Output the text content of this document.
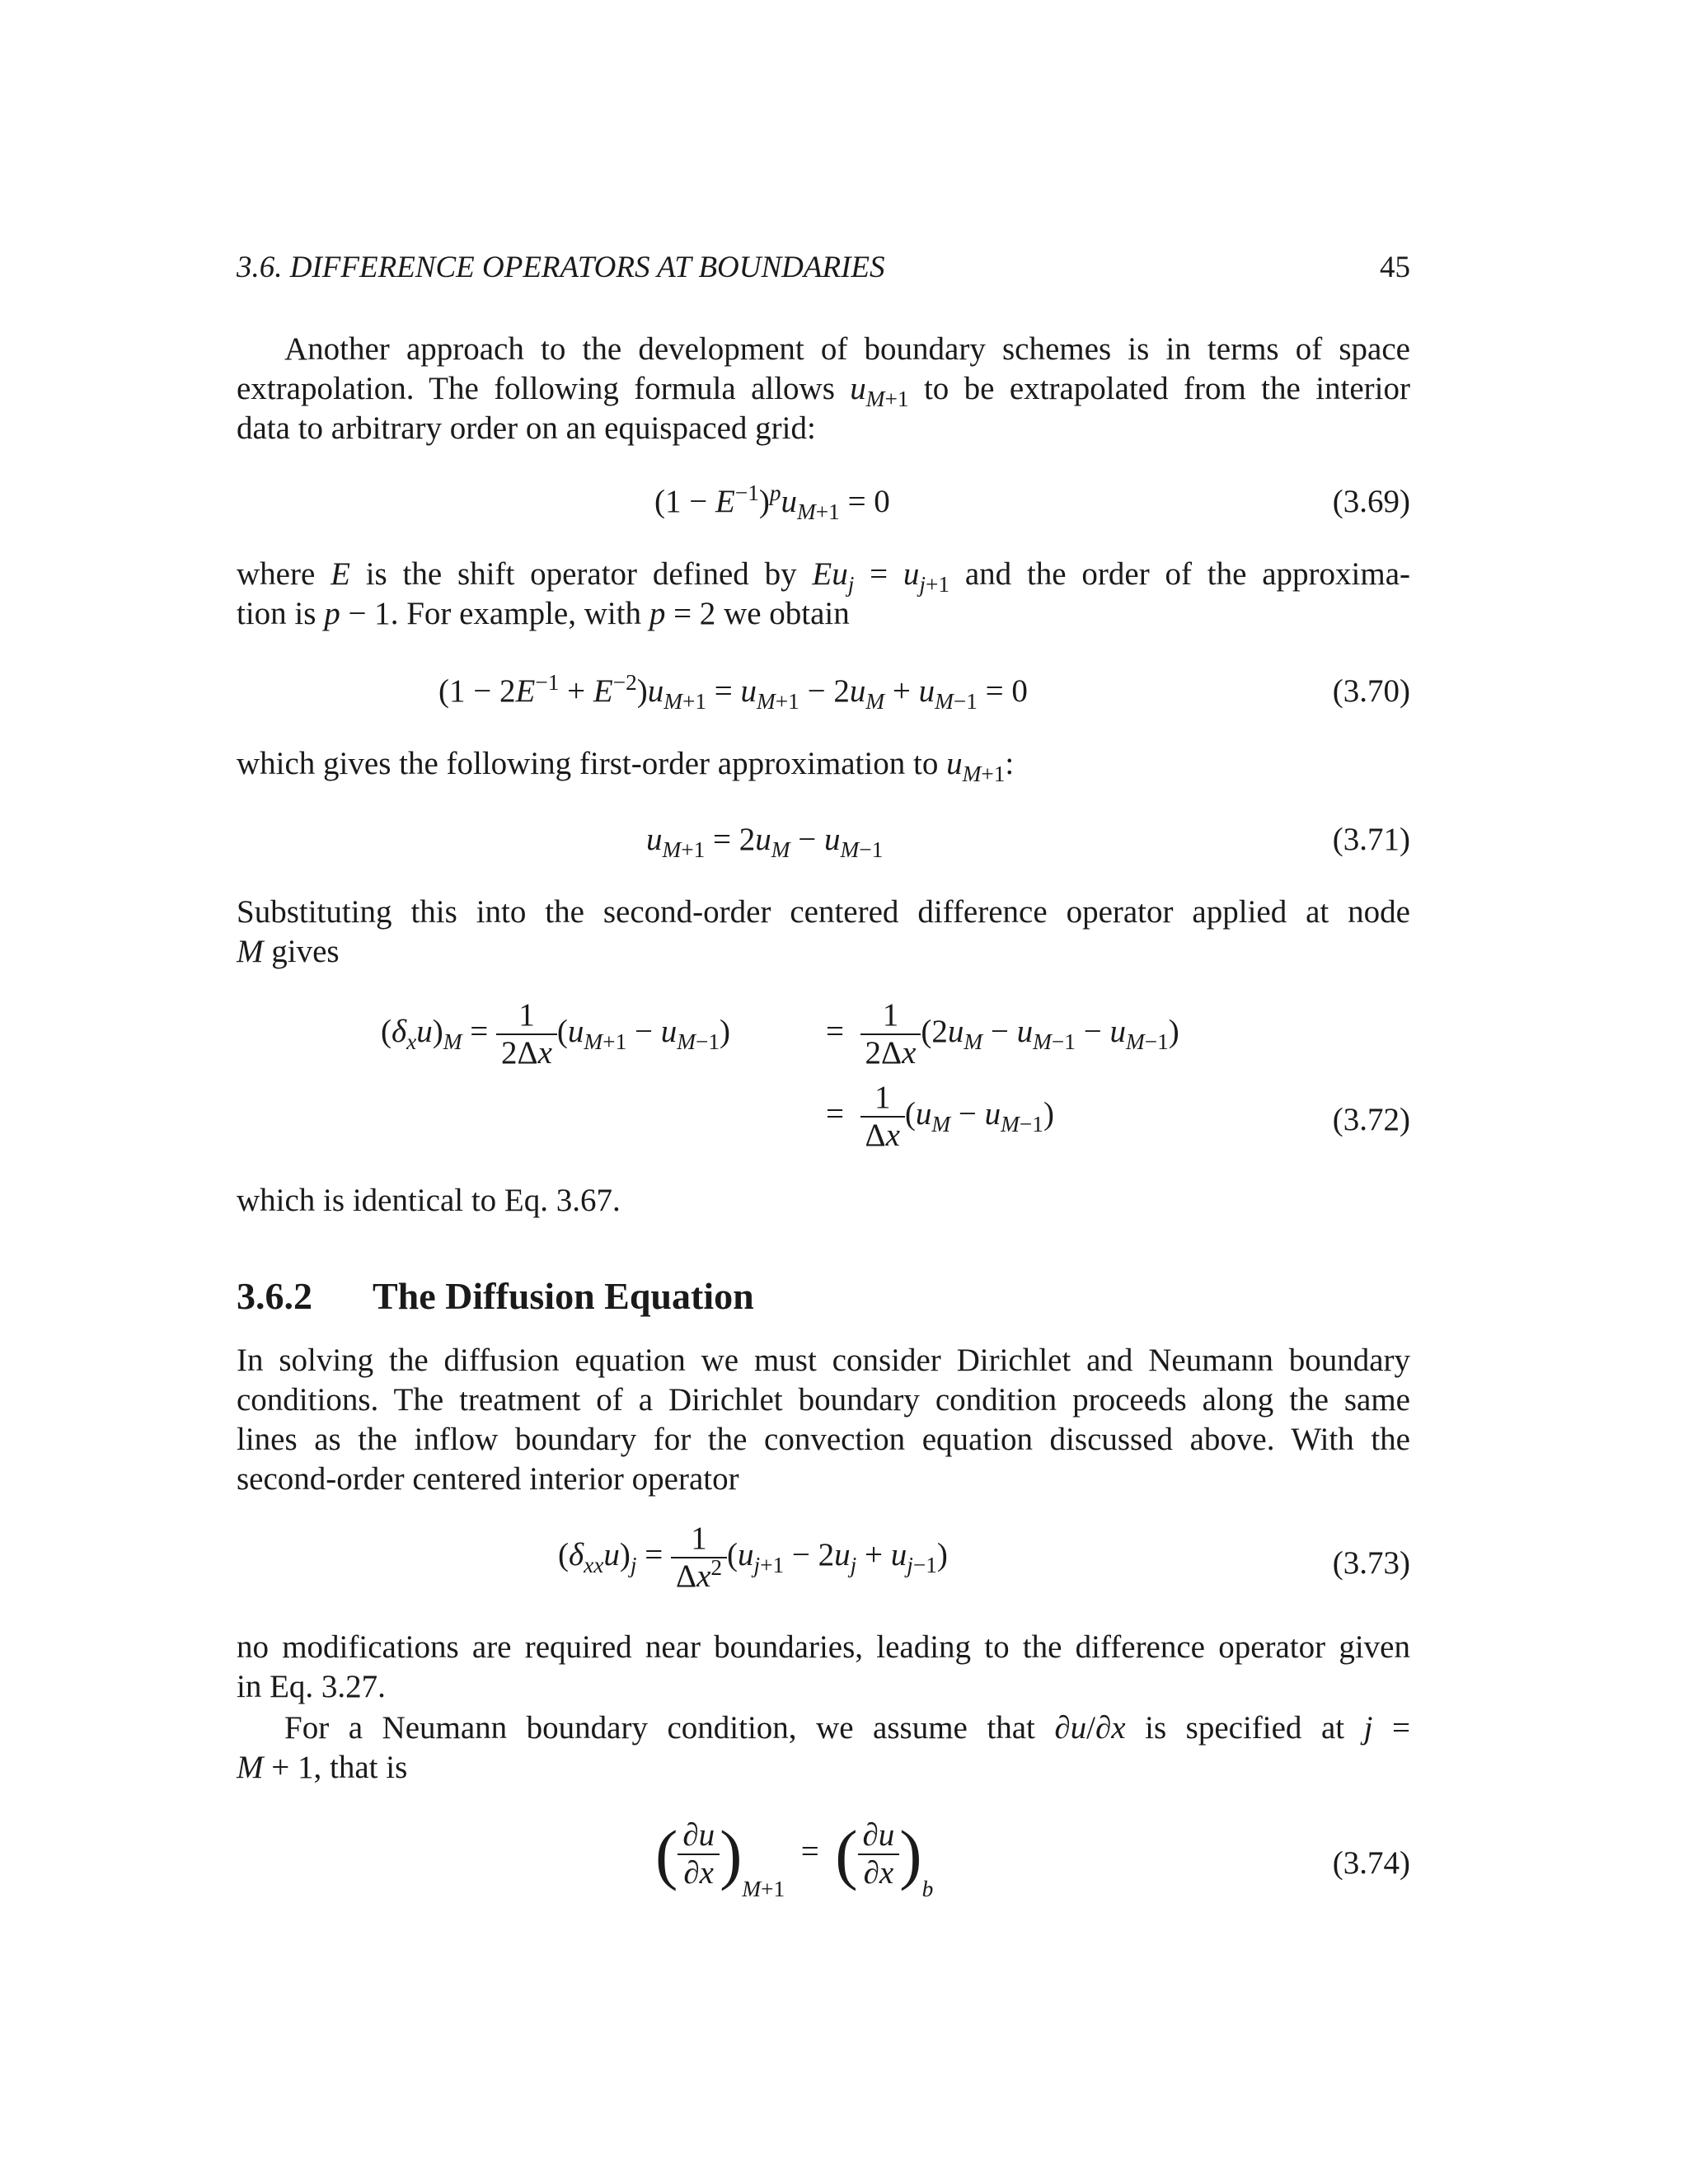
3.6. DIFFERENCE OPERATORS AT BOUNDARIES	45
Another approach to the development of boundary schemes is in terms of space
extrapolation. The following formula allows $u_{M+1}$ to be extrapolated from the interior
data to arbitrary order on an equispaced grid:
$(1 - E^{-1})^pu_{M+1} = 0$	(3.69)
where E is the shift operator defined by $Eu_j = u_{j+1}$ and the order of the approxima-
tion is p − 1. For example, with p = 2 we obtain
$(1 - 2E^{-1} + E^{-2})u_{M+1} = u_{M+1} - 2u_M + u_{M-1} = 0$	(3.70)
which gives the following first-order approximation to $u_{M+1}$:
$u_{M+1} = 2u_M - u_{M-1}$	(3.71)
Substituting this into the second-order centered difference operator applied at node
M gives
$(\delta_xu)_M = \frac{1}{2\Delta x} (u_{M+1} - u_{M-1})$	= $\frac{1}{2\Delta x} (2u_M - u_{M-1} - u_{M-1})$
= $\frac{1}{\Delta x} (u_M - u_{M-1})$	(3.72)
which is identical to Eq. 3.67.
3.6.2 The Diffusion Equation
In solving the diffusion equation we must consider Dirichlet and Neumann boundary
conditions. The treatment of a Dirichlet boundary condition proceeds along the same
lines as the inflow boundary for the convection equation discussed above. With the
second-order centered interior operator
$(\delta_{xx}u)_j = \frac{1}{\Delta x^2} (u_{j+1} - 2u_j + u_{j-1})$	(3.73)
no modifications are required near boundaries, leading to the difference operator given
in Eq. 3.27.
For a Neumann boundary condition, we assume that ∂u/∂x is specified at j =
M + 1, that is
( $\frac{\partial u}{\partial x} )_{M+1}$  =  ( $\frac{\partial u}{\partial x} )_b$
(3.74)
